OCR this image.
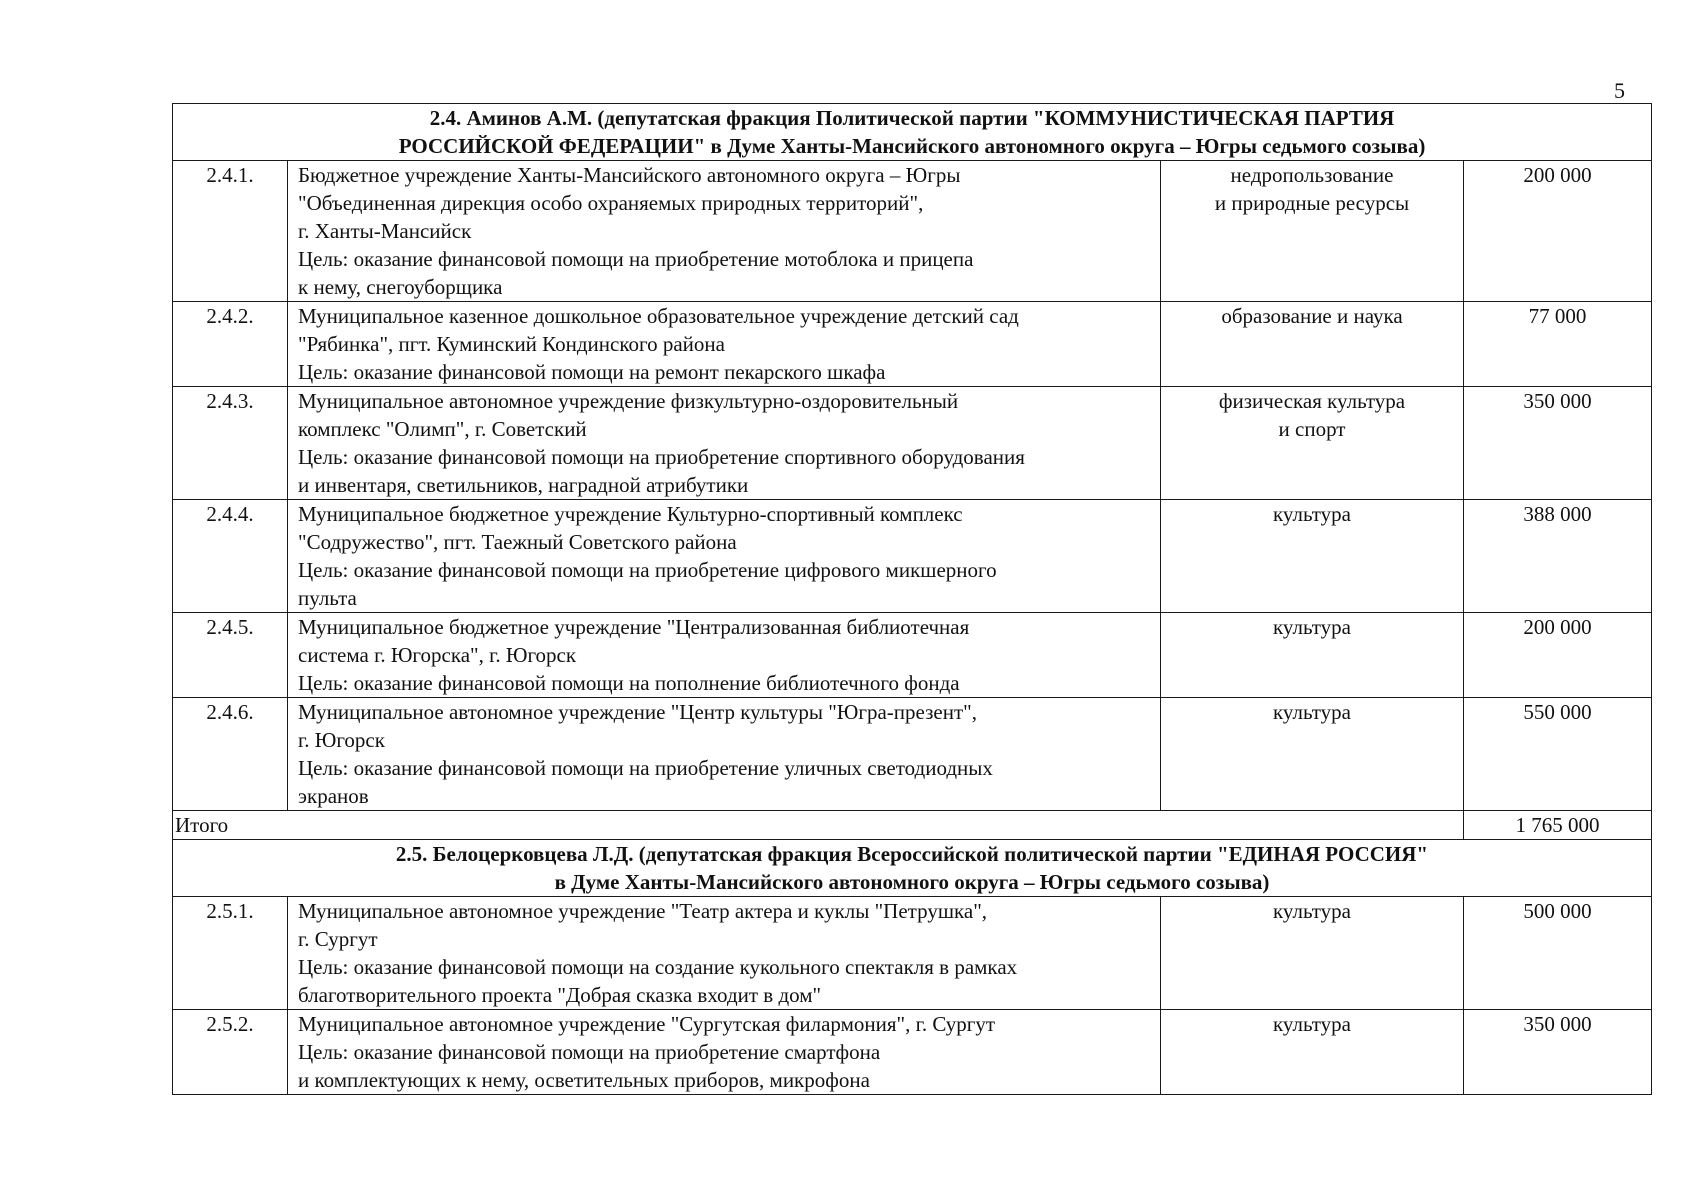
5
2.4. Аминов А.М. (депутатская фракция Политической партии "КОММУНИСТИЧЕСКАЯ ПАРТИЯ
РОССИЙСКОЙ ФЕДЕРАЦИИ" в Думе Ханты-Мансийского автономного округа – Югры седьмого созыва)			

2.4.1.	Бюджетное учреждение Ханты-Мансийского автономного округа – Югры
"Объединенная дирекция особо охраняемых природных территорий",
г. Ханты-Мансийск
Цель: оказание финансовой помощи на приобретение мотоблока и прицепа
к нему, снегоуборщика	недропользование
и природные ресурсы	200 000
2.4.2.	Муниципальное казенное дошкольное образовательное учреждение детский сад
"Рябинка", пгт. Куминский Кондинского района
Цель: оказание финансовой помощи на ремонт пекарского шкафа	образование и наука	77 000
2.4.3.	Муниципальное автономное учреждение физкультурно-оздоровительный
комплекс "Олимп", г. Советский
Цель: оказание финансовой помощи на приобретение спортивного оборудования
и инвентаря, светильников, наградной атрибутики	физическая культура
и спорт	350 000
2.4.4.	Муниципальное бюджетное учреждение Культурно-спортивный комплекс
"Содружество", пгт. Таежный Советского района
Цель: оказание финансовой помощи на приобретение цифрового микшерного
пульта	культура	388 000
2.4.5.	Муниципальное бюджетное учреждение "Централизованная библиотечная
система г. Югорска", г. Югорск
Цель: оказание финансовой помощи на пополнение библиотечного фонда	культура	200 000
2.4.6.	Муниципальное автономное учреждение "Центр культуры "Югра-презент",
г. Югорск
Цель: оказание финансовой помощи на приобретение уличных светодиодных
экранов	культура	550 000
Итого			1 765 000

2.5. Белоцерковцева Л.Д. (депутатская фракция Всероссийской политической партии "ЕДИНАЯ РОССИЯ"
в Думе Ханты-Мансийского автономного округа – Югры седьмого созыва)			

2.5.1.	Муниципальное автономное учреждение "Театр актера и куклы "Петрушка",
г. Сургут
Цель: оказание финансовой помощи на создание кукольного спектакля в рамках
благотворительного проекта "Добрая сказка входит в дом"	культура	500 000
2.5.2.	Муниципальное автономное учреждение "Сургутская филармония", г. Сургут
Цель: оказание финансовой помощи на приобретение смартфона
и комплектующих к нему, осветительных приборов, микрофона	культура	350 000
